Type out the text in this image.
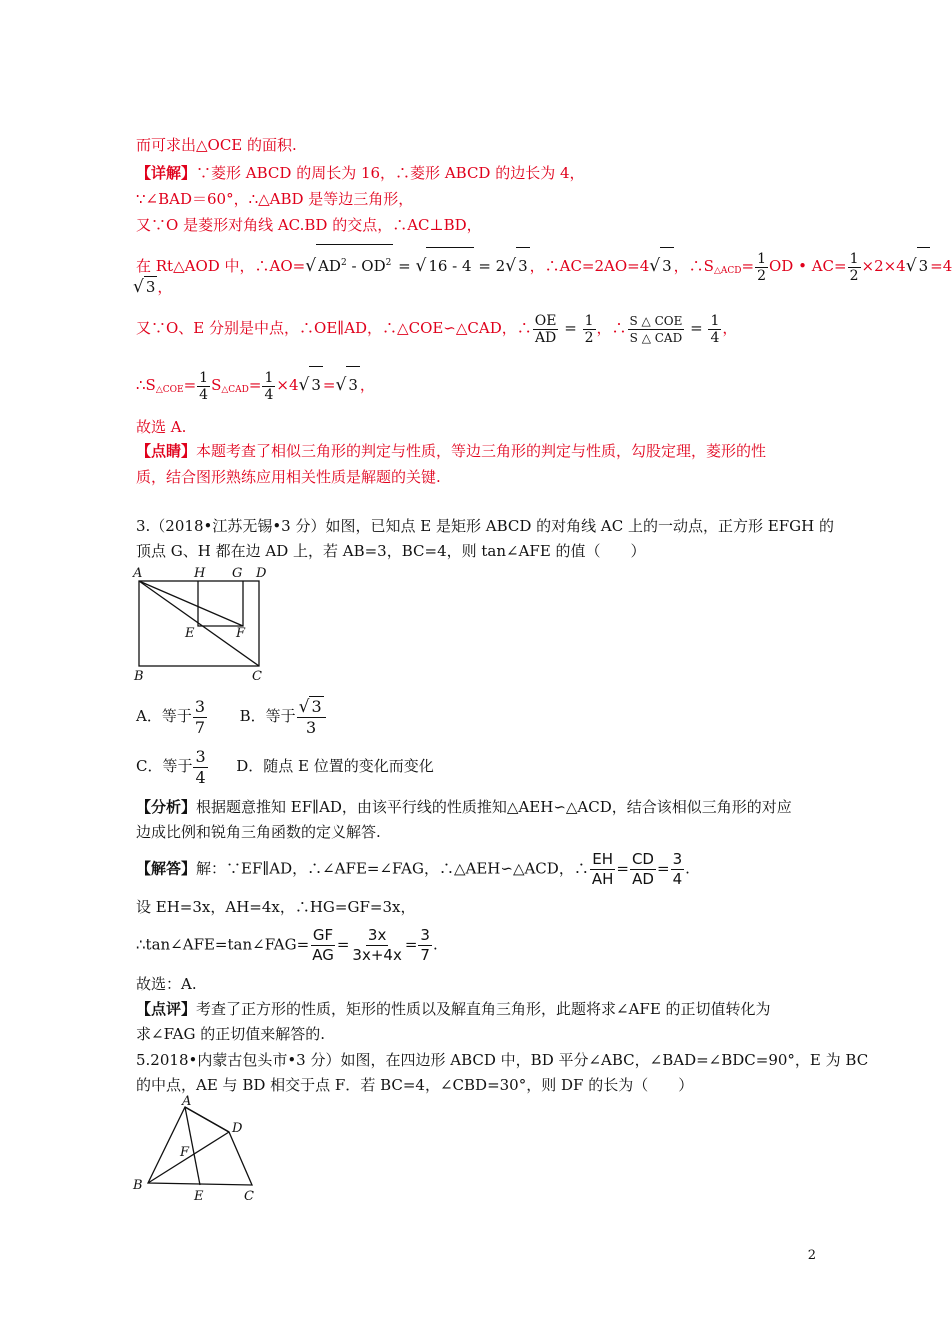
而可求出△OCE 的面积.
【详解】∵菱形 ABCD 的周长为 16，∴菱形 ABCD 的边长为 4，
∵∠BAD＝60°，∴△ABD 是等边三角形，
又∵O 是菱形对角线 AC.BD 的交点，∴AC⊥BD，
在 Rt△AOD 中，∴AO=√ $AD^2 - OD^2$ = √ 16 - 4 = 2√ 3 ，∴AC=2AO=4√ 3 ，$\therefore S_{\triangle ACD}= \frac{1}{2}$ OD • $AC= \frac{1}{2} \times 2\times 4√$ 3 =4
√ 3 ，
又∵O、E 分别是中点，∴OE∥AD，∴△COE∽△CAD，∴ $\frac{OE}{AD} = \frac{1}{2}$ ，∴ $\frac{\text{S △ COE}}{\text{S △ CAD}} = \frac{1}{4}$ ，
$\therefore S_{\triangle COE}= \frac{1}{4} S_{\triangle CAD}= \frac{1}{4} \times 4√$ 3 =√ 3 ，
故选 A.
【点睛】本题考查了相似三角形的判定与性质，等边三角形的判定与性质，勾股定理，菱形的性
质，结合图形熟练应用相关性质是解题的关键.
3.（2018•江苏无锡•3 分）如图，已知点 E 是矩形 ABCD 的对角线 AC 上的一动点，正方形 EFGH 的
顶点 G、H 都在边 AD 上，若 AB=3，BC=4，则 tan∠AFE 的值（　　）
A	H G D
E	F
B	C
A．等于 $\frac{3}{7}$ B．等于 $\frac{√ 3}{3}$
C．等于 $\frac{3}{4}$ D．随点 E 位置的变化而变化
【分析】根据题意推知 EF∥AD，由该平行线的性质推知△AEH∽△ACD，结合该相似三角形的对应
边成比例和锐角三角函数的定义解答.
【解答】解：∵EF∥AD，∴∠AFE=∠FAG，∴△AEH∽△ACD，∴ $\frac{EH}{AH} = \frac{CD}{AD} = \frac{3}{4}$ .
设 EH=3x，AH=4x，∴HG=GF=3x，
∴tan∠AFE=tan∠FAG= $\frac{GF}{AG} = \frac{3x}{3x+4x} = \frac{3}{7}$ .
故选：A.
【点评】考查了正方形的性质，矩形的性质以及解直角三角形，此题将求∠AFE 的正切值转化为
求∠FAG 的正切值来解答的.
5.2018•内蒙古包头市•3 分）如图，在四边形 ABCD 中，BD 平分∠ABC，∠BAD=∠BDC=90°，E 为 BC
的中点，AE 与 BD 相交于点 F．若 BC=4，∠CBD=30°，则 DF 的长为（　　）
A
D
F
B
E	C
2
